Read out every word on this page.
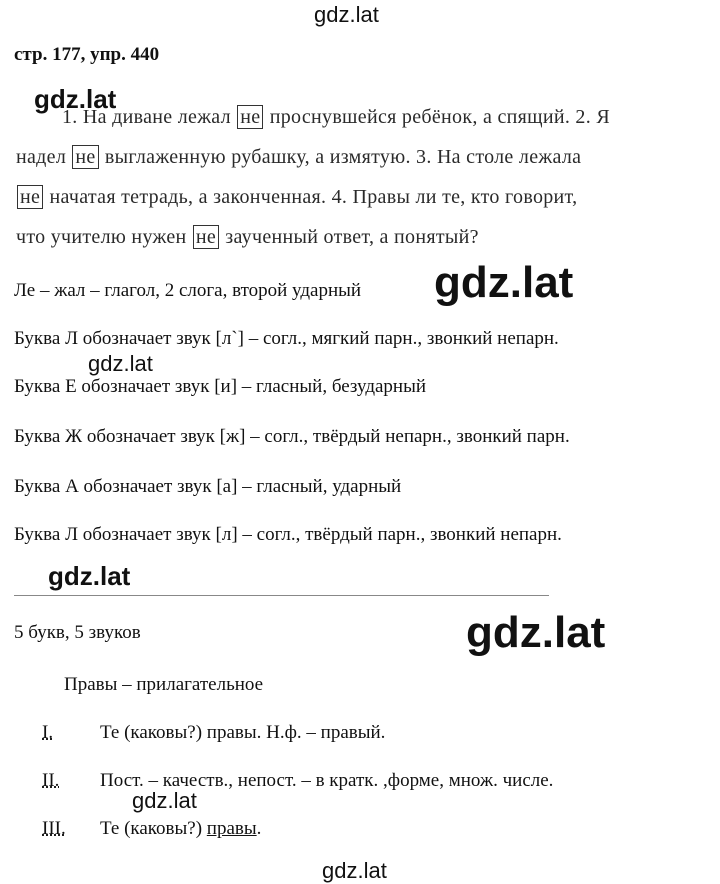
gdz.lat
gdz.lat
gdz.lat
gdz.lat
gdz.lat
gdz.lat
gdz.lat
gdz.lat
стр. 177, упр. 440
1. На диване лежал не проснувшейся ребёнок, а спящий. 2. Я
надел не выглаженную рубашку, а измятую. 3. На столе лежала
не начатая тетрадь, а законченная. 4. Правы ли те, кто говорит,
что учителю нужен не заученный ответ, а понятый?
Ле – жал – глагол, 2 слога, второй ударный
Буква Л обозначает звук [л`] – согл., мягкий парн., звонкий непарн.
Буква Е обозначает звук [и] – гласный, безударный
Буква Ж обозначает звук [ж] – согл., твёрдый непарн., звонкий парн.
Буква А обозначает звук [а] – гласный, ударный
Буква Л обозначает звук [л] – согл., твёрдый парн., звонкий непарн.
5 букв, 5 звуков
Правы – прилагательное
I. Те (каковы?) правы. Н.ф. – правый.
II. Пост. – качеств., непост. – в кратк. ,форме, множ. числе.
III. Те (каковы?) правы.
